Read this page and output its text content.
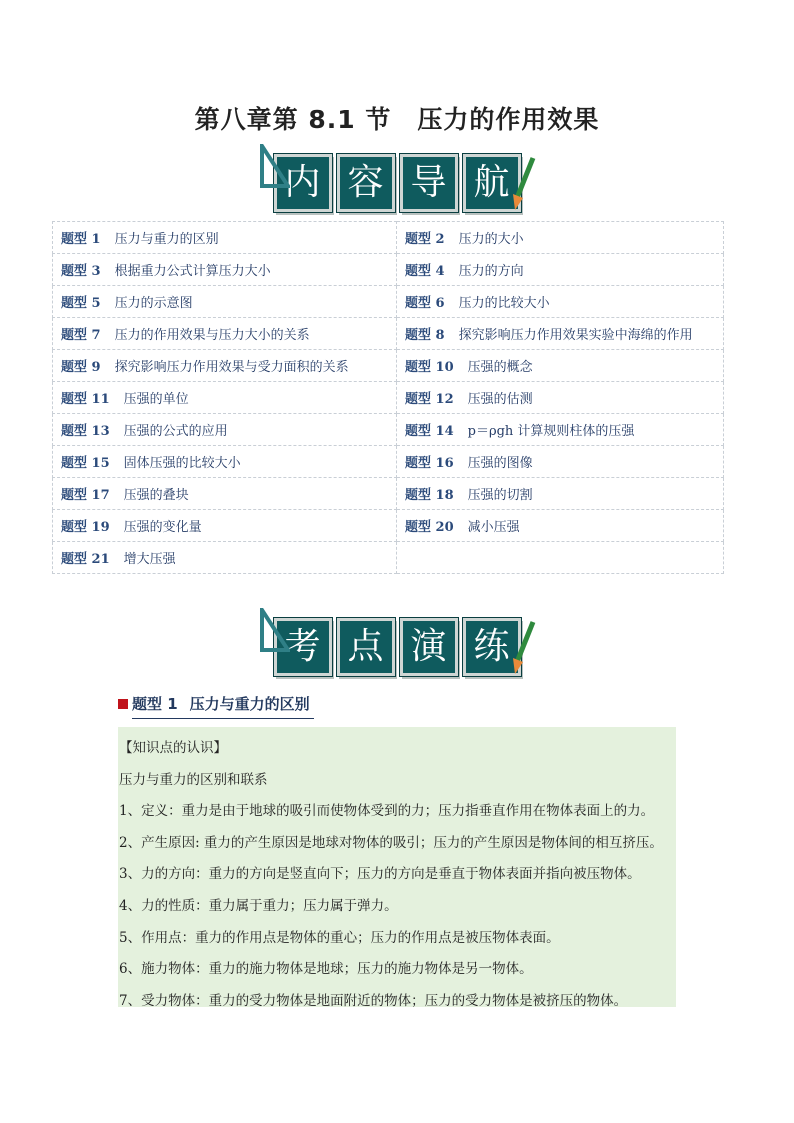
第八章第 8.1 节　压力的作用效果
内 容 导 航
题型 1 压力与重力的区别	题型 2 压力的大小
题型 3 根据重力公式计算压力大小	题型 4 压力的方向
题型 5 压力的示意图	题型 6 压力的比较大小
题型 7 压力的作用效果与压力大小的关系	题型 8 探究影响压力作用效果实验中海绵的作用
题型 9 探究影响压力作用效果与受力面积的关系	题型 10 压强的概念
题型 11 压强的单位	题型 12 压强的估测
题型 13 压强的公式的应用	题型 14 p＝ρgh 计算规则柱体的压强
题型 15 固体压强的比较大小	题型 16 压强的图像
题型 17 压强的叠块	题型 18 压强的切割
题型 19 压强的变化量	题型 20 减小压强
题型 21 增大压强	
考 点 演 练
题型 1 压力与重力的区别
【知识点的认识】
压力与重力的区别和联系
1、定义：重力是由于地球的吸引而使物体受到的力；压力指垂直作用在物体表面上的力。
2、产生原因: 重力的产生原因是地球对物体的吸引；压力的产生原因是物体间的相互挤压。
3、力的方向：重力的方向是竖直向下；压力的方向是垂直于物体表面并指向被压物体。
4、力的性质：重力属于重力；压力属于弹力。
5、作用点：重力的作用点是物体的重心；压力的作用点是被压物体表面。
6、施力物体：重力的施力物体是地球；压力的施力物体是另一物体。
7、受力物体：重力的受力物体是地面附近的物体；压力的受力物体是被挤压的物体。
